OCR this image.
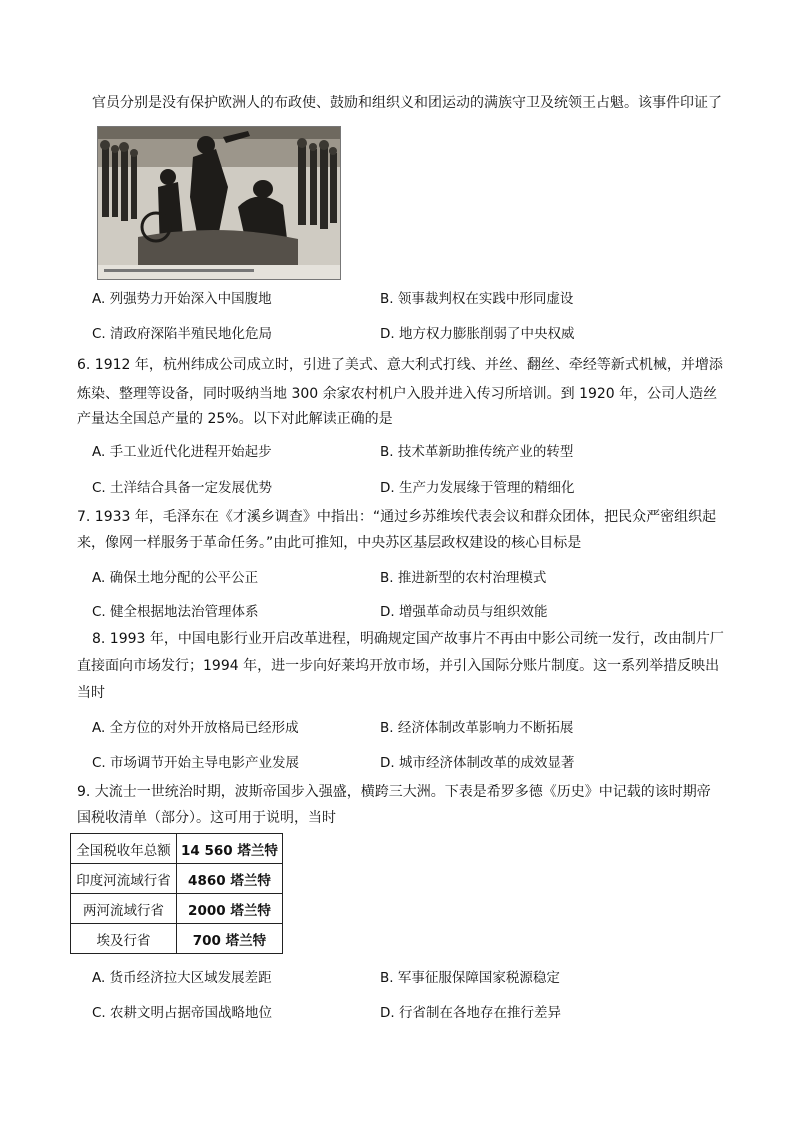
官员分别是没有保护欧洲人的布政使、鼓励和组织义和团运动的满族守卫及统领王占魁。该事件印证了
A. 列强势力开始深入中国腹地	B. 领事裁判权在实践中形同虚设
C. 清政府深陷半殖民地化危局	D. 地方权力膨胀削弱了中央权威
6. 1912 年，杭州纬成公司成立时，引进了美式、意大利式打线、并丝、翻丝、牵经等新式机械，并增添
炼染、整理等设备，同时吸纳当地 300 余家农村机户入股并进入传习所培训。到 1920 年，公司人造丝
产量达全国总产量的 25%。以下对此解读正确的是
A. 手工业近代化进程开始起步	B. 技术革新助推传统产业的转型
C. 土洋结合具备一定发展优势	D. 生产力发展缘于管理的精细化
7. 1933 年，毛泽东在《才溪乡调查》中指出：“通过乡苏维埃代表会议和群众团体，把民众严密组织起
来，像网一样服务于革命任务。”由此可推知，中央苏区基层政权建设的核心目标是
A. 确保土地分配的公平公正	B. 推进新型的农村治理模式
C. 健全根据地法治管理体系	D. 增强革命动员与组织效能
8. 1993 年，中国电影行业开启改革进程，明确规定国产故事片不再由中影公司统一发行，改由制片厂
直接面向市场发行；1994 年，进一步向好莱坞开放市场，并引入国际分账片制度。这一系列举措反映出
当时
A. 全方位的对外开放格局已经形成	B. 经济体制改革影响力不断拓展
C. 市场调节开始主导电影产业发展	D. 城市经济体制改革的成效显著
9. 大流士一世统治时期，波斯帝国步入强盛，横跨三大洲。下表是希罗多德《历史》中记载的该时期帝
国税收清单（部分）。这可用于说明，当时
全国税收年总额	14 560 塔兰特
印度河流域行省	4860 塔兰特
两河流域行省	2000 塔兰特
埃及行省	700 塔兰特
A. 货币经济拉大区域发展差距	B. 军事征服保障国家税源稳定
C. 农耕文明占据帝国战略地位	D. 行省制在各地存在推行差异
